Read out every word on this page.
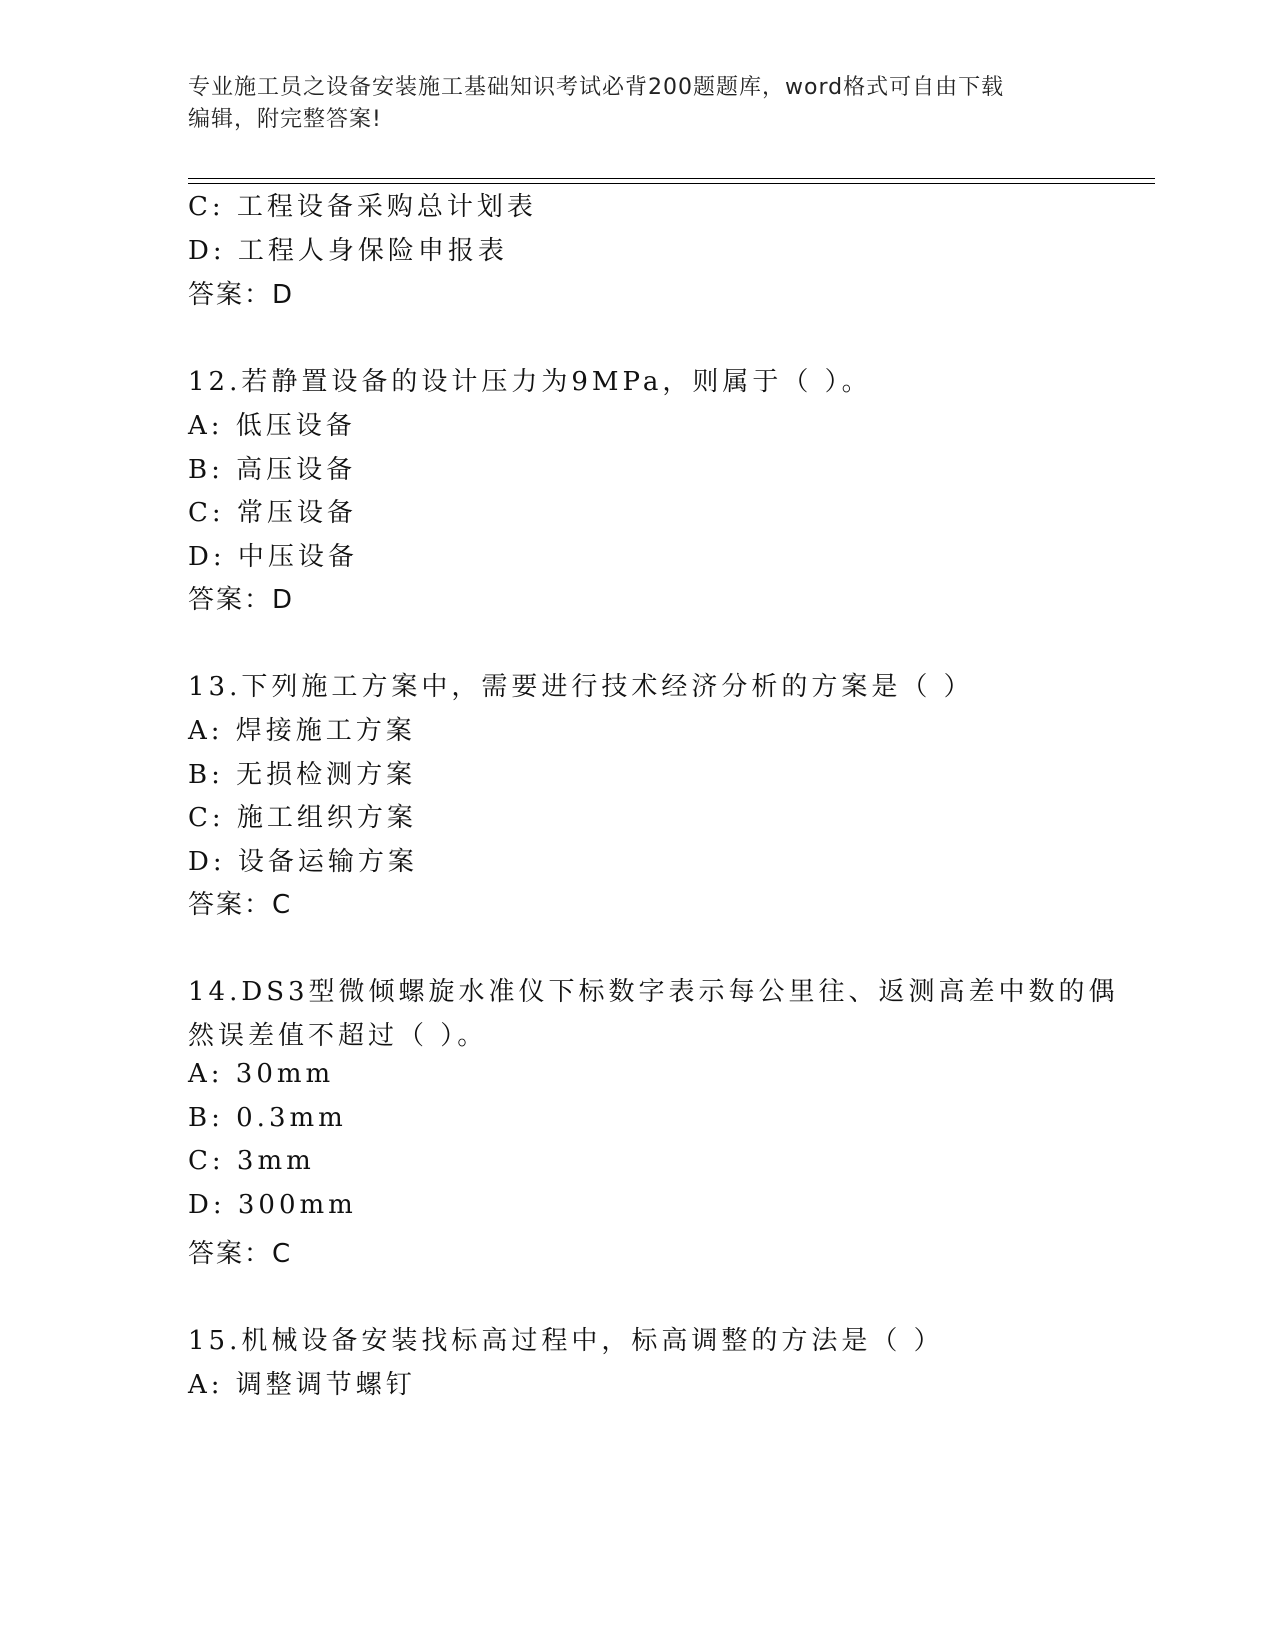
专业施工员之设备安装施工基础知识考试必背200题题库，word格式可自由下载
编辑，附完整答案!
C: 工程设备采购总计划表
D: 工程人身保险申报表
答案：D
12.若静置设备的设计压力为9MPa，则属于（ ）。
A: 低压设备
B: 高压设备
C: 常压设备
D: 中压设备
答案：D
13.下列施工方案中，需要进行技术经济分析的方案是（ ）
A: 焊接施工方案
B: 无损检测方案
C: 施工组织方案
D: 设备运输方案
答案：C
14.DS3型微倾螺旋水准仪下标数字表示每公里往、返测高差中数的偶
然误差值不超过（ ）。
A: 30mm
B: 0.3mm
C: 3mm
D: 300mm
答案：C
15.机械设备安装找标高过程中，标高调整的方法是（ ）
A: 调整调节螺钉
